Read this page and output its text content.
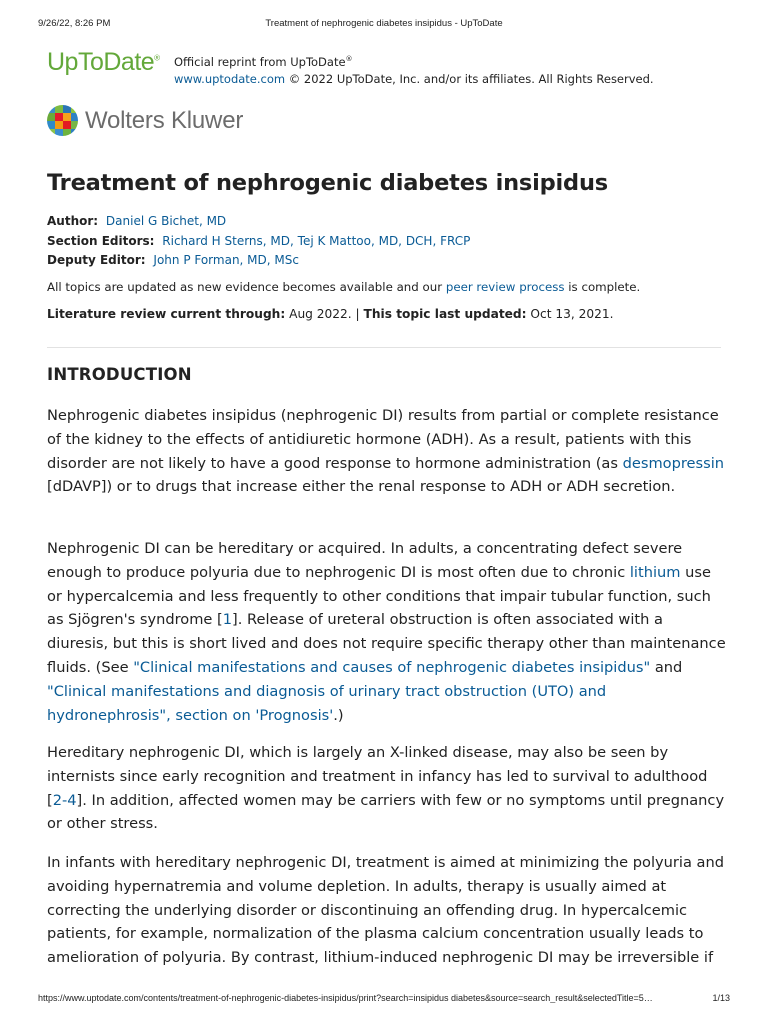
9/26/22, 8:26 PM	Treatment of nephrogenic diabetes insipidus - UpToDate
UpToDate® Official reprint from UpToDate®
www.uptodate.com © 2022 UpToDate, Inc. and/or its affiliates. All Rights Reserved.
Wolters Kluwer
Treatment of nephrogenic diabetes insipidus
Author: Daniel G Bichet, MD
Section Editors: Richard H Sterns, MD, Tej K Mattoo, MD, DCH, FRCP
Deputy Editor: John P Forman, MD, MSc
All topics are updated as new evidence becomes available and our peer review process is complete.
Literature review current through: Aug 2022. | This topic last updated: Oct 13, 2021.
INTRODUCTION

Nephrogenic diabetes insipidus (nephrogenic DI) results from partial or complete resistance of the kidney to the effects of antidiuretic hormone (ADH). As a result, patients with this disorder are not likely to have a good response to hormone administration (as desmopressin [dDAVP]) or to drugs that increase either the renal response to ADH or ADH secretion.

Nephrogenic DI can be hereditary or acquired. In adults, a concentrating defect severe enough to produce polyuria due to nephrogenic DI is most often due to chronic lithium use or hypercalcemia and less frequently to other conditions that impair tubular function, such as Sjögren's syndrome [1]. Release of ureteral obstruction is often associated with a diuresis, but this is short lived and does not require specific therapy other than maintenance fluids. (See "Clinical manifestations and causes of nephrogenic diabetes insipidus" and "Clinical manifestations and diagnosis of urinary tract obstruction (UTO) and hydronephrosis", section on 'Prognosis'.)

Hereditary nephrogenic DI, which is largely an X-linked disease, may also be seen by internists since early recognition and treatment in infancy has led to survival to adulthood [2-4]. In addition, affected women may be carriers with few or no symptoms until pregnancy or other stress.

In infants with hereditary nephrogenic DI, treatment is aimed at minimizing the polyuria and avoiding hypernatremia and volume depletion. In adults, therapy is usually aimed at correcting the underlying disorder or discontinuing an offending drug. In hypercalcemic patients, for example, normalization of the plasma calcium concentration usually leads to amelioration of polyuria. By contrast, lithium-induced nephrogenic DI may be irreversible if

https://www.uptodate.com/contents/treatment-of-nephrogenic-diabetes-insipidus/print?search=insipidus diabetes&source=search_result&selectedTitle=5…	1/13
